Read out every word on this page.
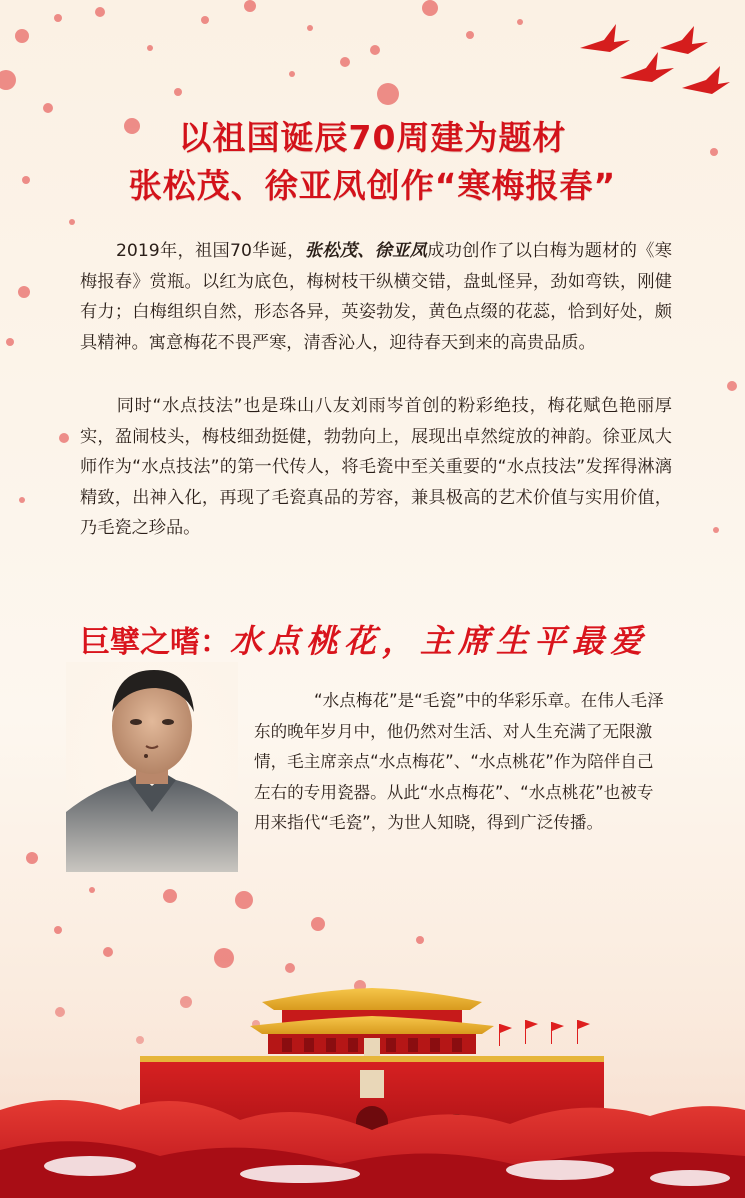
以祖国诞辰70周建为题材
张松茂、徐亚凤创作“寒梅报春”
2019年，祖国70华诞，张松茂、徐亚凤成功创作了以白梅为题材的《寒梅报春》赏瓶。以红为底色，梅树枝干纵横交错，盘虬怪异，劲如弯铁，刚健有力；白梅组织自然，形态各异，英姿勃发，黄色点缀的花蕊，恰到好处，颇具精神。寓意梅花不畏严寒，清香沁人，迎待春天到来的高贵品质。
同时“水点技法”也是珠山八友刘雨岑首创的粉彩绝技，梅花赋色艳丽厚实，盈闹枝头，梅枝细劲挺健，勃勃向上，展现出卓然绽放的神韵。徐亚凤大师作为“水点技法”的第一代传人，将毛瓷中至关重要的“水点技法”发挥得淋漓精致，出神入化，再现了毛瓷真品的芳容，兼具极高的艺术价值与实用价值，乃毛瓷之珍品。
巨擘之嗜：水点桃花，主席生平最爱
“水点梅花”是“毛瓷”中的华彩乐章。在伟人毛泽东的晚年岁月中，他仍然对生活、对人生充满了无限激情，毛主席亲点“水点梅花”、“水点桃花”作为陪伴自己左右的专用瓷器。从此“水点梅花”、“水点桃花”也被专用来指代“毛瓷”，为世人知晓，得到广泛传播。
